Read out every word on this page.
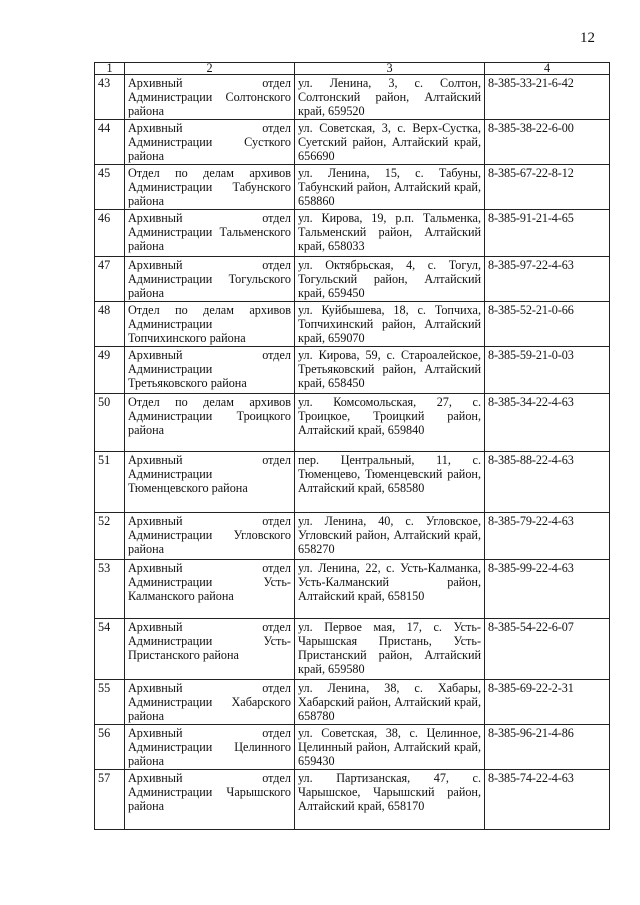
12
1	2	3	4
43	Архивный отдел Администрации Солтонского района	ул. Ленина, 3, с. Солтон, Солтонский район, Алтайский край, 659520	8-385-33-21-6-42
44	Архивный отдел Администрации Сусткого района	ул. Советская, 3, с. Верх-Сустка, Суетский район, Алтайский край, 656690	8-385-38-22-6-00
45	Отдел по делам архивов Администрации Табунского района	ул. Ленина, 15, с. Табуны, Табунский район, Алтайский край, 658860	8-385-67-22-8-12
46	Архивный отдел Администрации Тальменского района	ул. Кирова, 19, р.п. Тальменка, Тальменский район, Алтайский край, 658033	8-385-91-21-4-65
47	Архивный отдел Администрации Тогульского района	ул. Октябрьская, 4, с. Тогул, Тогульский район, Алтайский край, 659450	8-385-97-22-4-63
48	Отдел по делам архивов Администрации Топчихинского района	ул. Куйбышева, 18, с. Топчиха, Топчихинский район, Алтайский край, 659070	8-385-52-21-0-66
49	Архивный отдел Администрации Третьяковского района	ул. Кирова, 59, с. Староалейское, Третьяковский район, Алтайский край, 658450	8-385-59-21-0-03
50	Отдел по делам архивов Администрации Троицкого района	ул. Комсомольская, 27, с. Троицкое, Троицкий район, Алтайский край, 659840	8-385-34-22-4-63
51	Архивный отдел Администрации Тюменцевского района	пер. Центральный, 11, с. Тюменцево, Тюменцевский район, Алтайский край, 658580	8-385-88-22-4-63
52	Архивный отдел Администрации Угловского района	ул. Ленина, 40, с. Угловское, Угловский район, Алтайский край, 658270	8-385-79-22-4-63
53	Архивный отдел Администрации Усть-Калманского района	ул. Ленина, 22, с. Усть-Калманка, Усть-Калманский район, Алтайский край, 658150	8-385-99-22-4-63
54	Архивный отдел Администрации Усть-Пристанского района	ул. Первое мая, 17, с. Усть-Чарышская Пристань, Усть-Пристанский район, Алтайский край, 659580	8-385-54-22-6-07
55	Архивный отдел Администрации Хабарского района	ул. Ленина, 38, с. Хабары, Хабарский район, Алтайский край, 658780	8-385-69-22-2-31
56	Архивный отдел Администрации Целинного района	ул. Советская, 38, с. Целинное, Целинный район, Алтайский край, 659430	8-385-96-21-4-86
57	Архивный отдел Администрации Чарышского района	ул. Партизанская, 47, с. Чарышское, Чарышский район, Алтайский край, 658170	8-385-74-22-4-63
